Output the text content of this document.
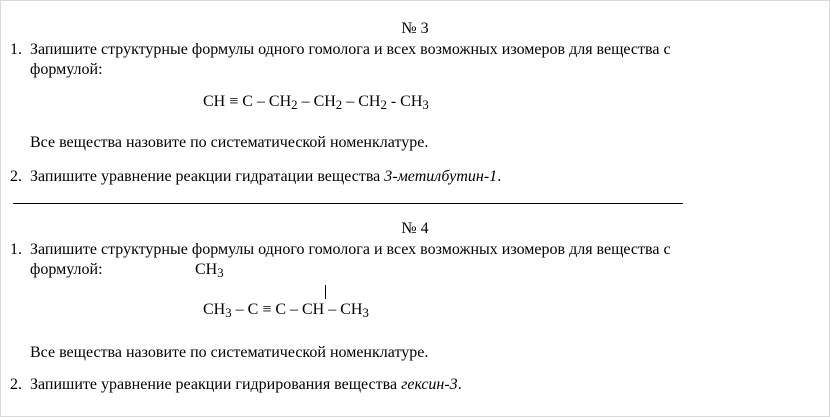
№ 3
1. Запишите структурные формулы одного гомолога и всех возможных изомеров для вещества с
формулой:
CH ≡ C – $CH_2 - CH_2 - CH_2 - CH_3$
Все вещества назовите по систематической номенклатуре.
2. Запишите уравнение реакции гидратации вещества 3-метилбутин-1.
№ 4
1. Запишите структурные формулы одного гомолога и всех возможных изомеров для вещества с
формулой:	$CH_3$
$CH_3 - C \equiv C$ – CH – $CH_3$
Все вещества назовите по систематической номенклатуре.
2. Запишите уравнение реакции гидрирования вещества гексин-3.
